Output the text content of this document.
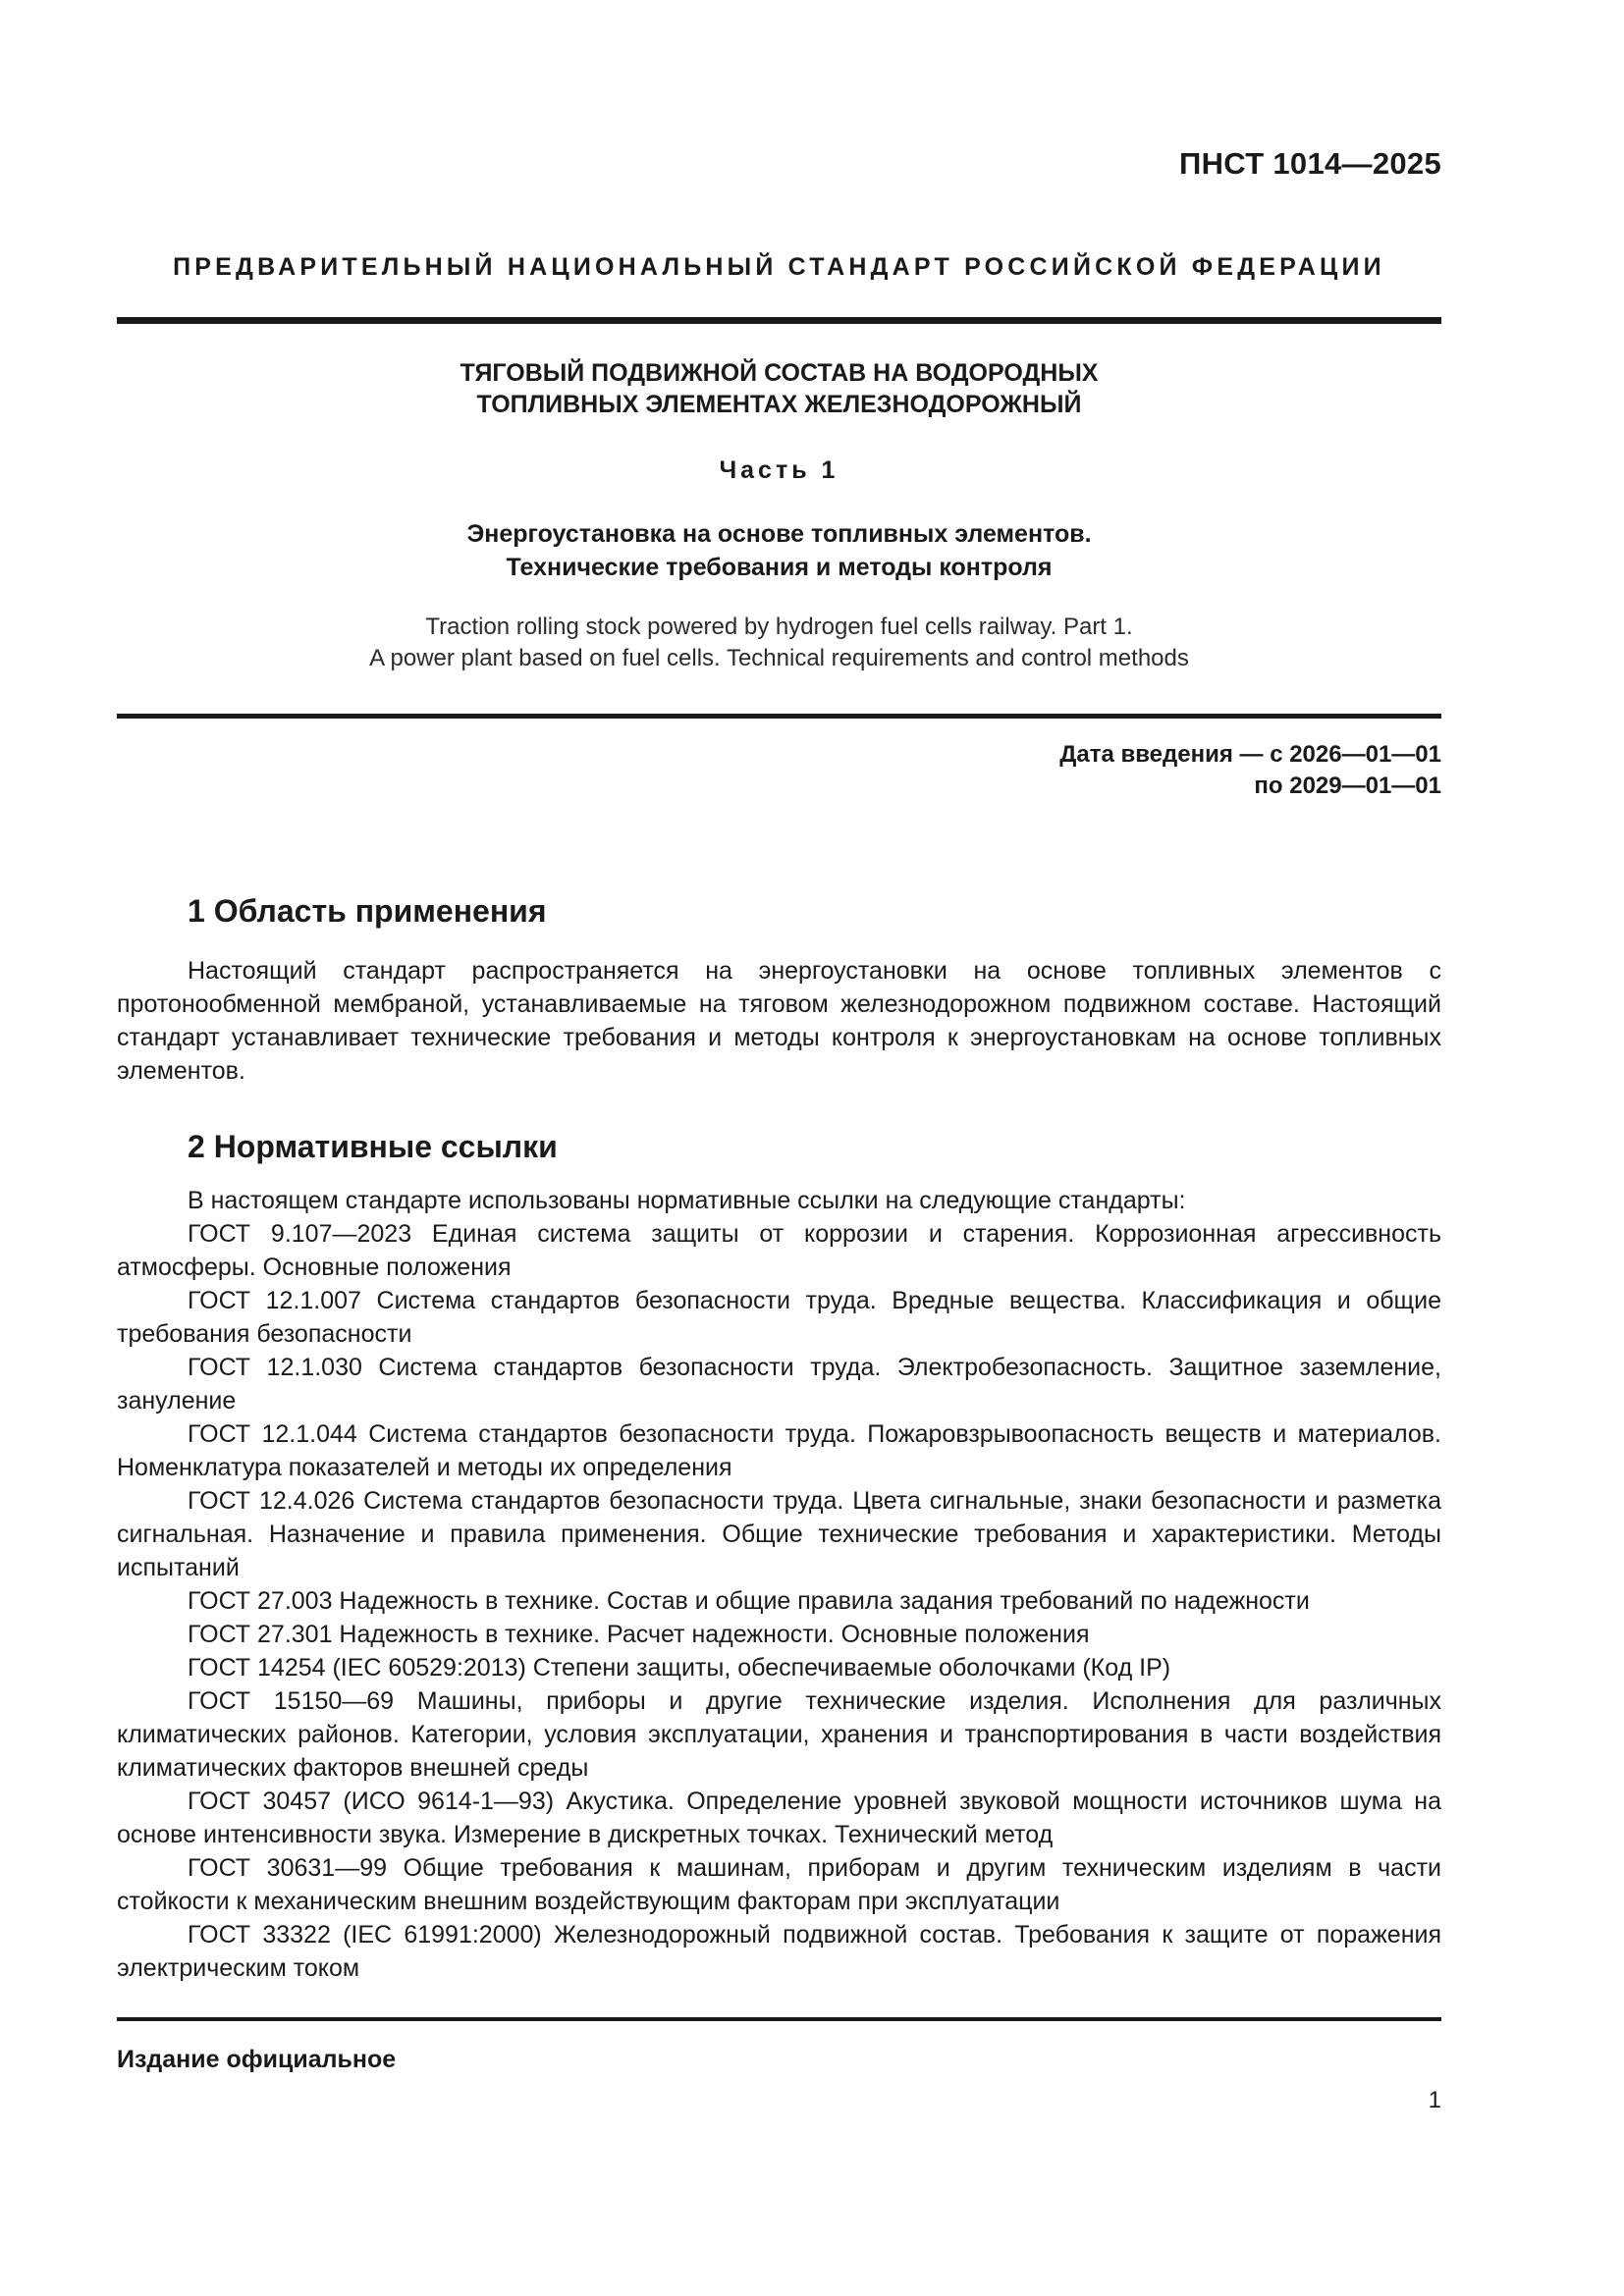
ПНСТ 1014—2025
ПРЕДВАРИТЕЛЬНЫЙ НАЦИОНАЛЬНЫЙ СТАНДАРТ РОССИЙСКОЙ ФЕДЕРАЦИИ
ТЯГОВЫЙ ПОДВИЖНОЙ СОСТАВ НА ВОДОРОДНЫХ
ТОПЛИВНЫХ ЭЛЕМЕНТАХ ЖЕЛЕЗНОДОРОЖНЫЙ
Часть 1
Энергоустановка на основе топливных элементов.
Технические требования и методы контроля
Traction rolling stock powered by hydrogen fuel cells railway. Part 1.
A power plant based on fuel cells. Technical requirements and control methods
Дата введения — с 2026—01—01
по 2029—01—01
1 Область применения

Настоящий стандарт распространяется на энергоустановки на основе топливных элементов с протонообменной мембраной, устанавливаемые на тяговом железнодорожном подвижном составе. Настоящий стандарт устанавливает технические требования и методы контроля к энергоустановкам на основе топливных элементов.

2 Нормативные ссылки

В настоящем стандарте использованы нормативные ссылки на следующие стандарты:

ГОСТ 9.107—2023 Единая система защиты от коррозии и старения. Коррозионная агрессивность атмосферы. Основные положения

ГОСТ 12.1.007 Система стандартов безопасности труда. Вредные вещества. Классификация и общие требования безопасности

ГОСТ 12.1.030 Система стандартов безопасности труда. Электробезопасность. Защитное заземление, зануление

ГОСТ 12.1.044 Система стандартов безопасности труда. Пожаровзрывоопасность веществ и материалов. Номенклатура показателей и методы их определения

ГОСТ 12.4.026 Система стандартов безопасности труда. Цвета сигнальные, знаки безопасности и разметка сигнальная. Назначение и правила применения. Общие технические требования и характеристики. Методы испытаний

ГОСТ 27.003 Надежность в технике. Состав и общие правила задания требований по надежности

ГОСТ 27.301 Надежность в технике. Расчет надежности. Основные положения

ГОСТ 14254 (IEC 60529:2013) Степени защиты, обеспечиваемые оболочками (Код IP)

ГОСТ 15150—69 Машины, приборы и другие технические изделия. Исполнения для различных климатических районов. Категории, условия эксплуатации, хранения и транспортирования в части воздействия климатических факторов внешней среды

ГОСТ 30457 (ИСО 9614-1—93) Акустика. Определение уровней звуковой мощности источников шума на основе интенсивности звука. Измерение в дискретных точках. Технический метод

ГОСТ 30631—99 Общие требования к машинам, приборам и другим техническим изделиям в части стойкости к механическим внешним воздействующим факторам при эксплуатации

ГОСТ 33322 (IEC 61991:2000) Железнодорожный подвижной состав. Требования к защите от поражения электрическим током

Издание официальное
1
